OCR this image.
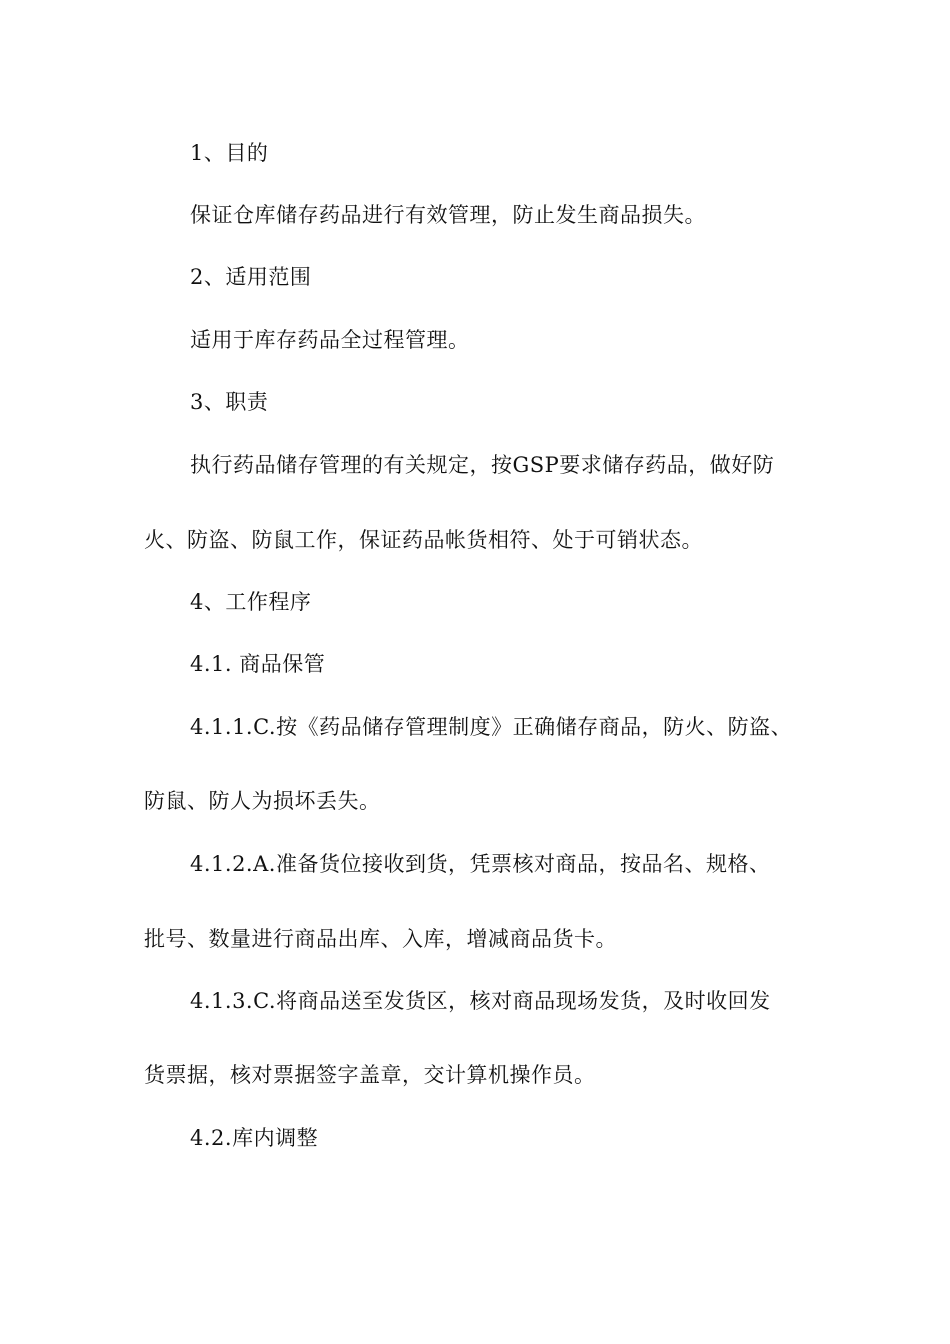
1、目的
保证仓库储存药品进行有效管理，防止发生商品损失。
2、适用范围
适用于库存药品全过程管理。
3、职责
执行药品储存管理的有关规定，按GSP要求储存药品，做好防
火、防盗、防鼠工作，保证药品帐货相符、处于可销状态。
4、工作程序
4.1. 商品保管
4.1.1.C.按《药品储存管理制度》正确储存商品，防火、防盗、
防鼠、防人为损坏丢失。
4.1.2.A.准备货位接收到货，凭票核对商品，按品名、规格、
批号、数量进行商品出库、入库，增减商品货卡。
4.1.3.C.将商品送至发货区，核对商品现场发货，及时收回发
货票据，核对票据签字盖章，交计算机操作员。
4.2.库内调整
